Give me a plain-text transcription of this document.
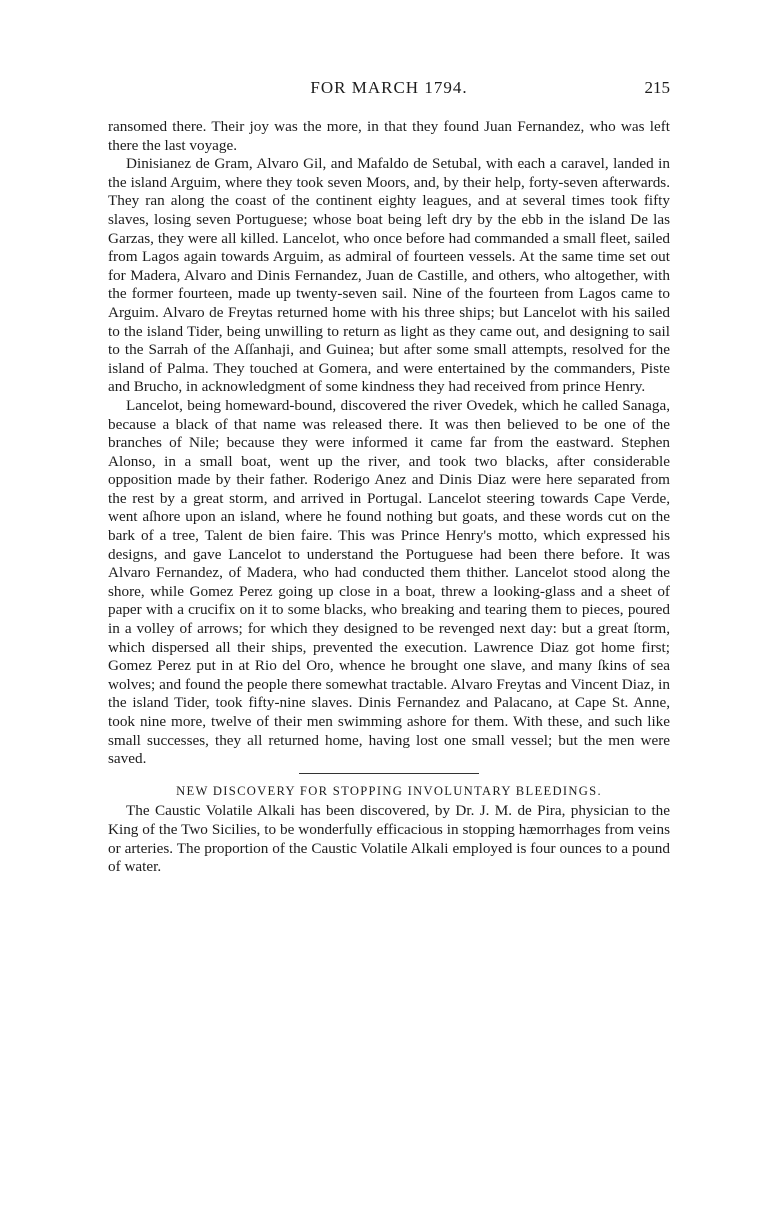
FOR MARCH 1794.	215

ransomed there. Their joy was the more, in that they found Juan Fernandez, who was left there the last voyage.

Dinisianez de Gram, Alvaro Gil, and Mafaldo de Setubal, with each a caravel, landed in the island Arguim, where they took seven Moors, and, by their help, forty-seven afterwards. They ran along the coast of the continent eighty leagues, and at several times took fifty slaves, losing seven Portuguese; whose boat being left dry by the ebb in the island De las Garzas, they were all killed. Lancelot, who once before had commanded a small fleet, sailed from Lagos again towards Arguim, as admiral of fourteen vessels. At the same time set out for Madera, Alvaro and Dinis Fernandez, Juan de Castille, and others, who altogether, with the former fourteen, made up twenty-seven sail. Nine of the fourteen from Lagos came to Arguim. Alvaro de Freytas returned home with his three ships; but Lancelot with his sailed to the island Tider, being unwilling to return as light as they came out, and designing to sail to the Sarrah of the Aſſanhaji, and Guinea; but after some small attempts, resolved for the island of Palma. They touched at Gomera, and were entertained by the commanders, Piste and Brucho, in acknowledgment of some kindness they had received from prince Henry.

Lancelot, being homeward-bound, discovered the river Ovedek, which he called Sanaga, because a black of that name was released there. It was then believed to be one of the branches of Nile; because they were informed it came far from the eastward. Stephen Alonso, in a small boat, went up the river, and took two blacks, after considerable opposition made by their father. Roderigo Anez and Dinis Diaz were here separated from the rest by a great storm, and arrived in Portugal. Lancelot steering towards Cape Verde, went aſhore upon an island, where he found nothing but goats, and these words cut on the bark of a tree, Talent de bien faire. This was Prince Henry's motto, which expressed his designs, and gave Lancelot to understand the Portuguese had been there before. It was Alvaro Fernandez, of Madera, who had conducted them thither. Lancelot stood along the shore, while Gomez Perez going up close in a boat, threw a looking-glass and a sheet of paper with a crucifix on it to some blacks, who breaking and tearing them to pieces, poured in a volley of arrows; for which they designed to be revenged next day: but a great ſtorm, which dispersed all their ships, prevented the execution. Lawrence Diaz got home first; Gomez Perez put in at Rio del Oro, whence he brought one slave, and many ſkins of sea wolves; and found the people there somewhat tractable. Alvaro Freytas and Vincent Diaz, in the island Tider, took fifty-nine slaves. Dinis Fernandez and Palacano, at Cape St. Anne, took nine more, twelve of their men swimming ashore for them. With these, and such like small successes, they all returned home, having lost one small vessel; but the men were saved.

NEW DISCOVERY FOR STOPPING INVOLUNTARY BLEEDINGS.

The Caustic Volatile Alkali has been discovered, by Dr. J. M. de Pira, physician to the King of the Two Sicilies, to be wonderfully efficacious in stopping hæmorrhages from veins or arteries. The proportion of the Caustic Volatile Alkali employed is four ounces to a pound of water.
